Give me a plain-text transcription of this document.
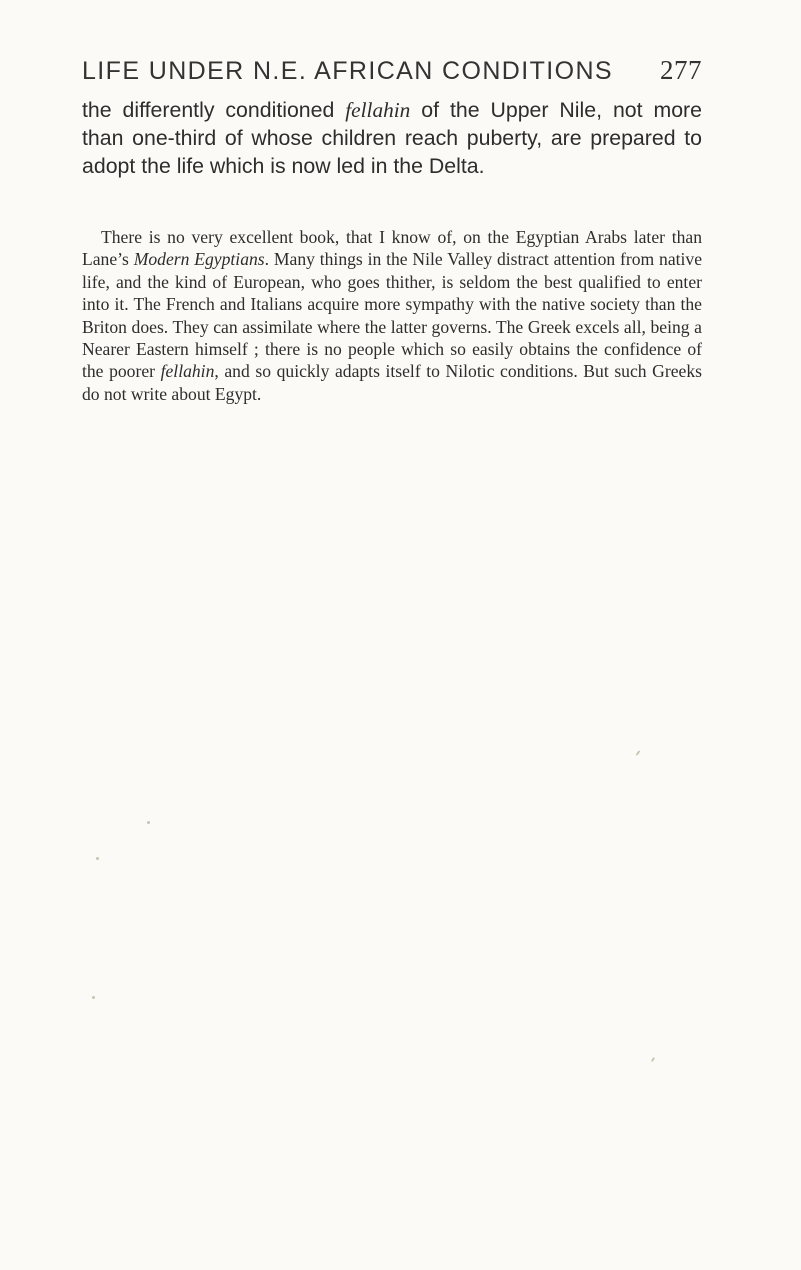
LIFE UNDER N.E. AFRICAN CONDITIONS 277

the differently conditioned fellahin of the Upper Nile, not more than one-third of whose children reach puberty, are prepared to adopt the life which is now led in the Delta.

There is no very excellent book, that I know of, on the Egyptian Arabs later than Lane’s Modern Egyptians. Many things in the Nile Valley distract attention from native life, and the kind of European, who goes thither, is seldom the best qualified to enter into it. The French and Italians acquire more sympathy with the native society than the Briton does. They can assimilate where the latter governs. The Greek excels all, being a Nearer Eastern himself ; there is no people which so easily obtains the confidence of the poorer fellahin, and so quickly adapts itself to Nilotic conditions. But such Greeks do not write about Egypt.
